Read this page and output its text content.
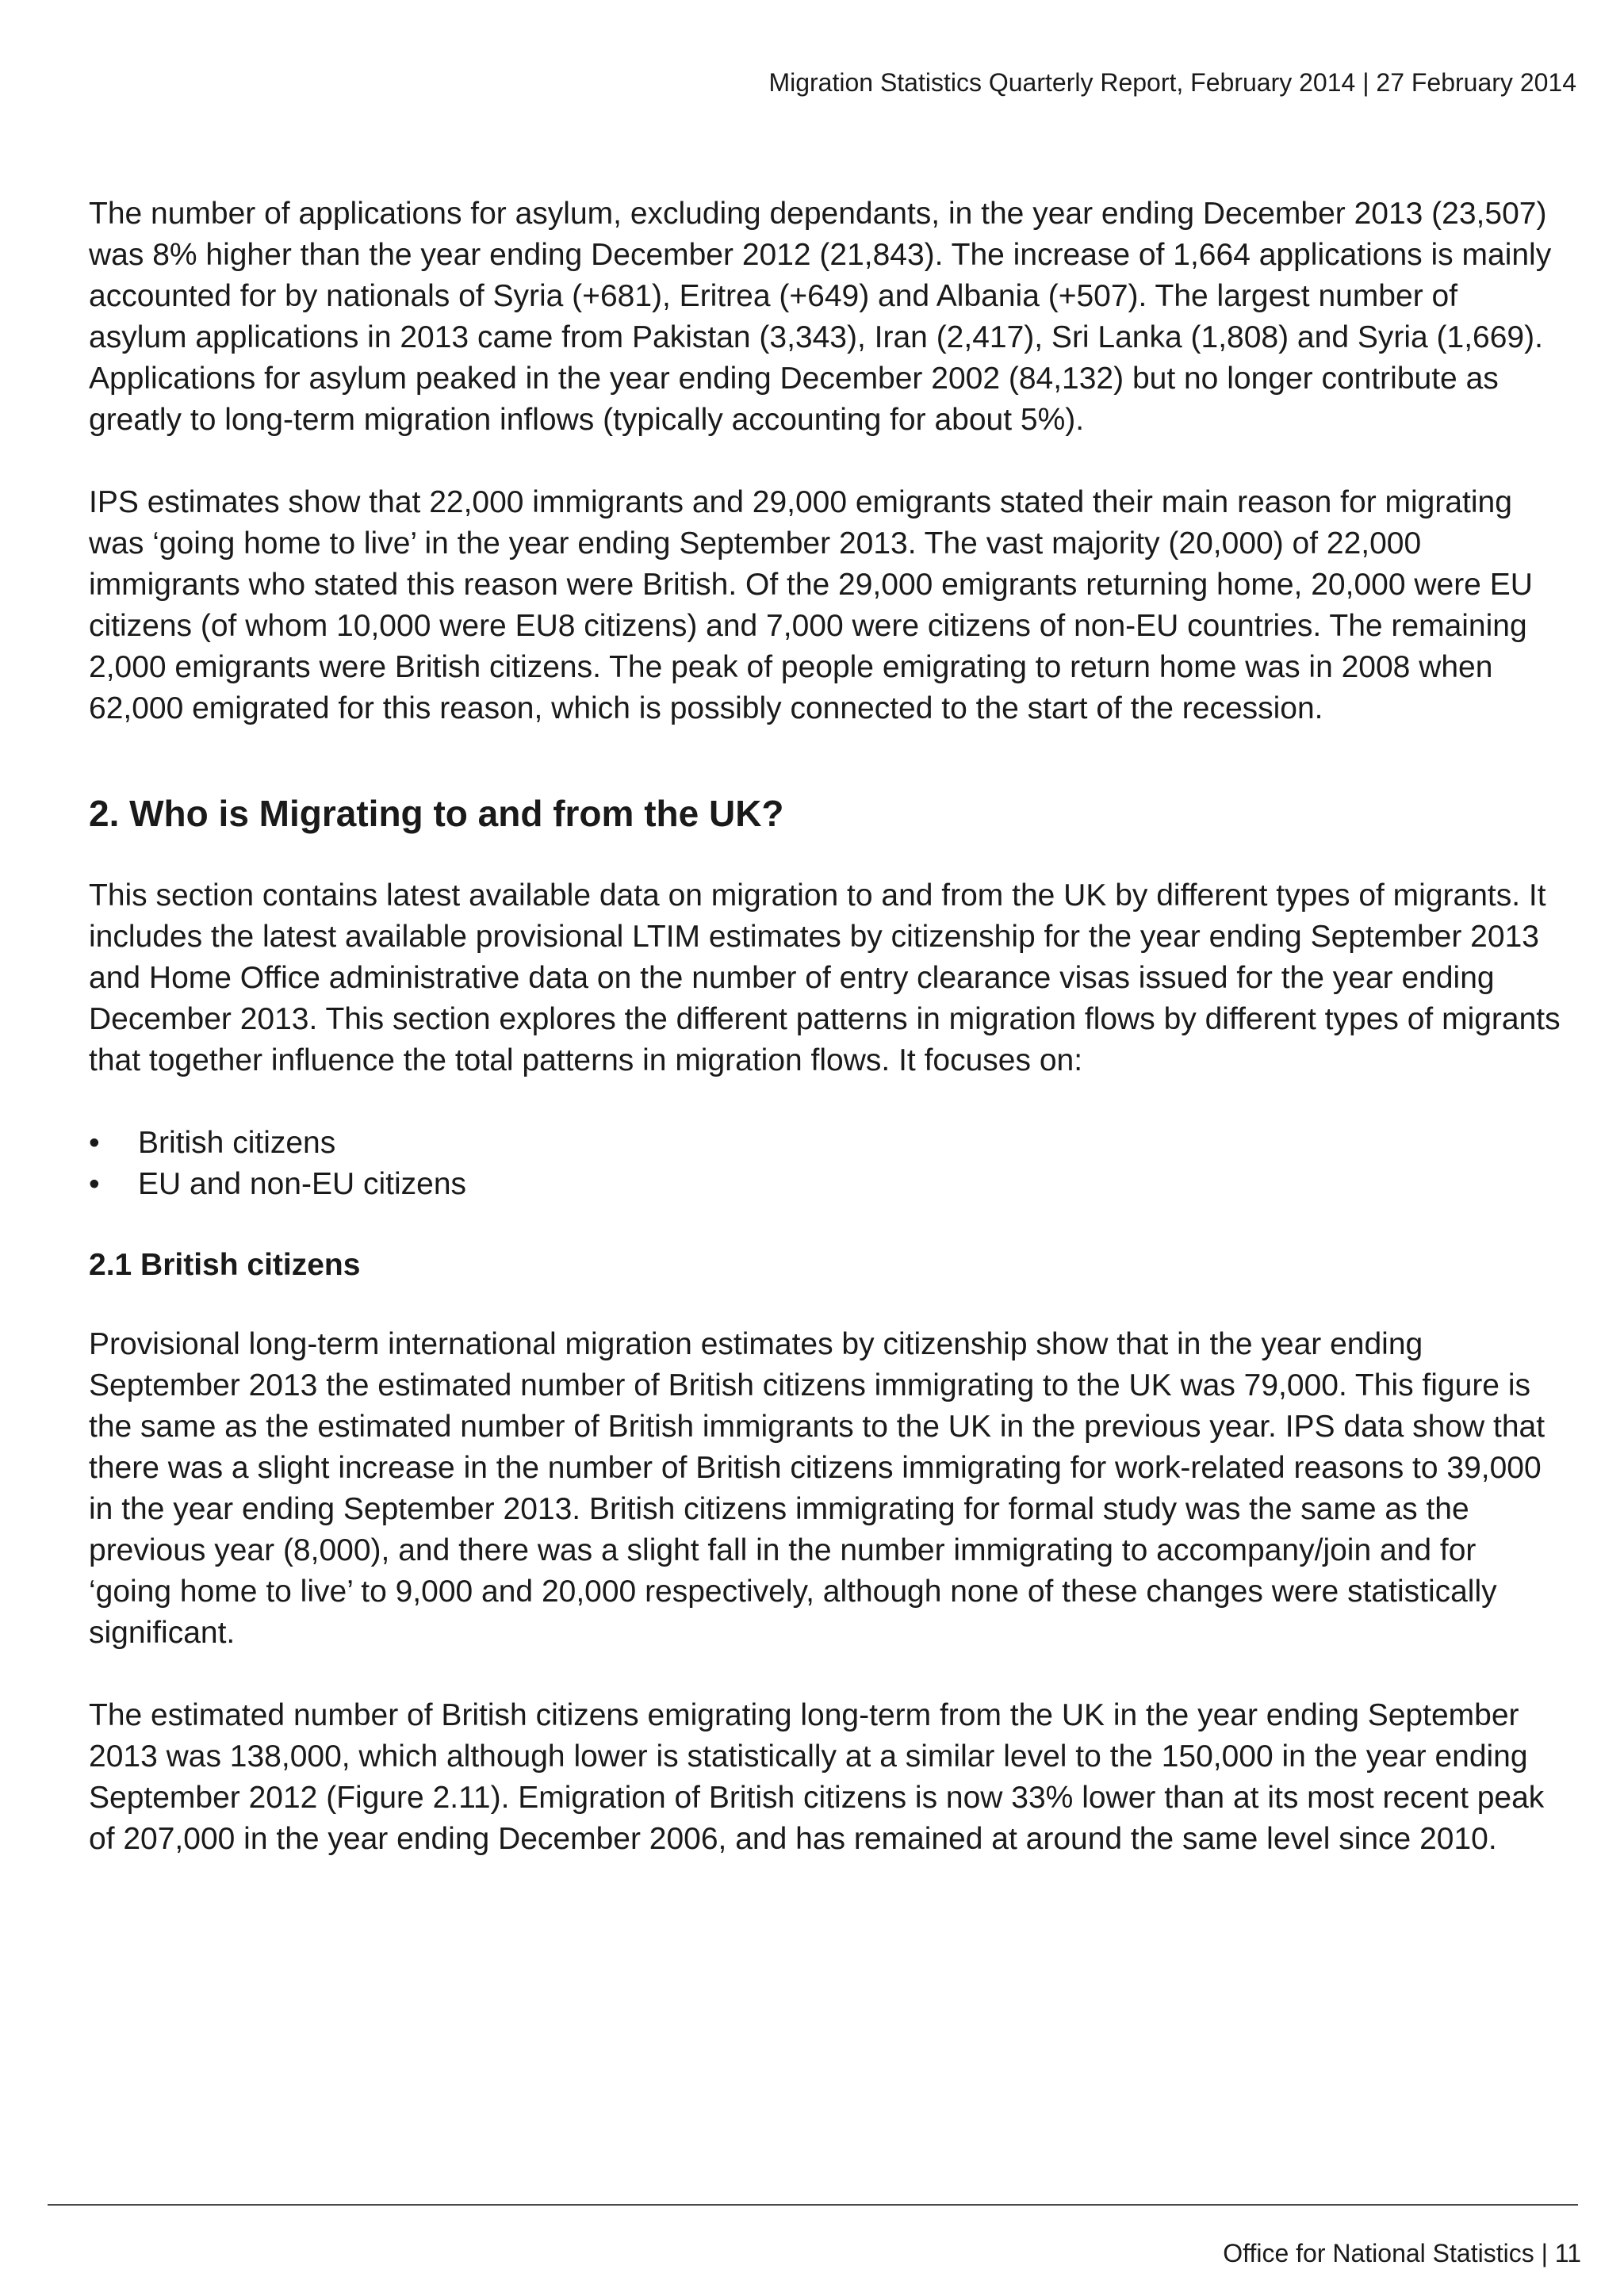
Migration Statistics Quarterly Report, February 2014 | 27 February 2014

The number of applications for asylum, excluding dependants, in the year ending December 2013 (23,507) was 8% higher than the year ending December 2012 (21,843). The increase of 1,664 applications is mainly accounted for by nationals of Syria (+681), Eritrea (+649) and Albania (+507). The largest number of asylum applications in 2013 came from Pakistan (3,343), Iran (2,417), Sri Lanka (1,808) and Syria (1,669). Applications for asylum peaked in the year ending December 2002 (84,132) but no longer contribute as greatly to long-term migration inflows (typically accounting for about 5%).

IPS estimates show that 22,000 immigrants and 29,000 emigrants stated their main reason for migrating was ‘going home to live’ in the year ending September 2013. The vast majority (20,000) of 22,000 immigrants who stated this reason were British. Of the 29,000 emigrants returning home, 20,000 were EU citizens (of whom 10,000 were EU8 citizens) and 7,000 were citizens of non-EU countries. The remaining 2,000 emigrants were British citizens. The peak of people emigrating to return home was in 2008 when 62,000 emigrated for this reason, which is possibly connected to the start of the recession.

2. Who is Migrating to and from the UK?

This section contains latest available data on migration to and from the UK by different types of migrants. It includes the latest available provisional LTIM estimates by citizenship for the year ending September 2013 and Home Office administrative data on the number of entry clearance visas issued for the year ending December 2013. This section explores the different patterns in migration flows by different types of migrants that together influence the total patterns in migration flows. It focuses on:

• British citizens
• EU and non-EU citizens
2.1 British citizens

Provisional long-term international migration estimates by citizenship show that in the year ending September 2013 the estimated number of British citizens immigrating to the UK was 79,000. This figure is the same as the estimated number of British immigrants to the UK in the previous year. IPS data show that there was a slight increase in the number of British citizens immigrating for work-related reasons to 39,000 in the year ending September 2013. British citizens immigrating for formal study was the same as the previous year (8,000), and there was a slight fall in the number immigrating to accompany/join and for ‘going home to live’ to 9,000 and 20,000 respectively, although none of these changes were statistically significant.

The estimated number of British citizens emigrating long-term from the UK in the year ending September 2013 was 138,000, which although lower is statistically at a similar level to the 150,000 in the year ending September 2012 (Figure 2.11). Emigration of British citizens is now 33% lower than at its most recent peak of 207,000 in the year ending December 2006, and has remained at around the same level since 2010.

Office for National Statistics | 11
